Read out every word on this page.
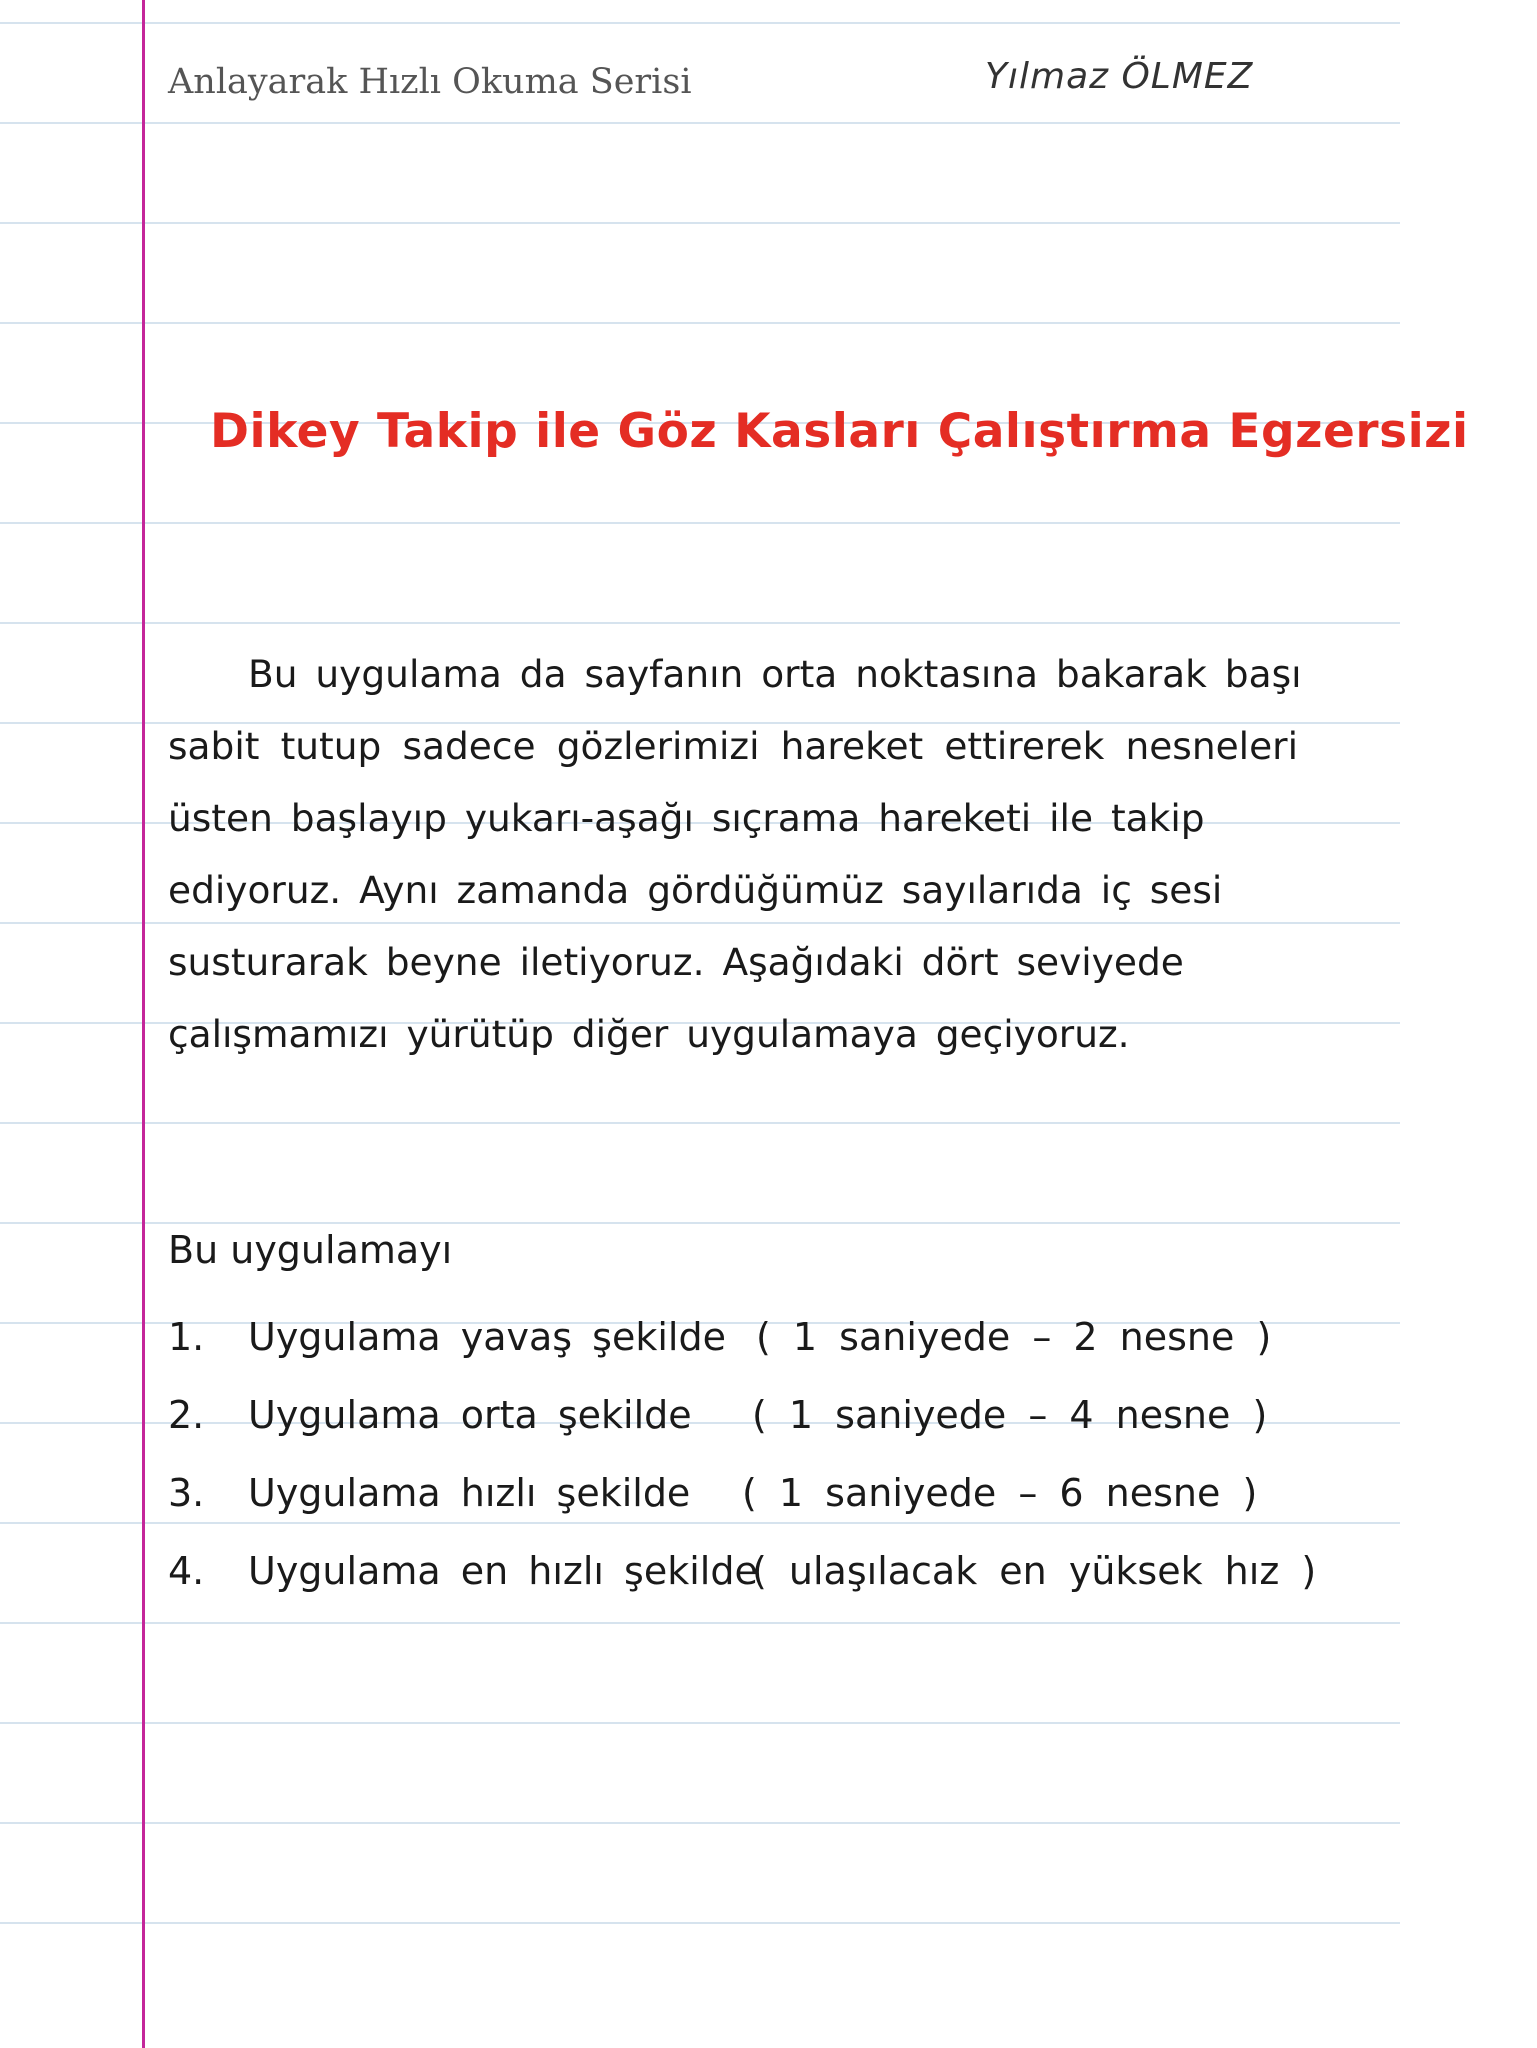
Anlayarak Hızlı Okuma Serisi	Yılmaz ÖLMEZ
Dikey Takip ile Göz Kasları Çalıştırma Egzersizi
Bu uygulama da sayfanın orta noktasına bakarak başı
sabit tutup sadece gözlerimizi hareket ettirerek nesneleri
üsten başlayıp yukarı-aşağı sıçrama hareketi ile takip
ediyoruz. Aynı zamanda gördüğümüz sayılarıda iç sesi
susturarak beyne iletiyoruz. Aşağıdaki dört seviyede
çalışmamızı yürütüp diğer uygulamaya geçiyoruz.
Bu uygulamayı
1. Uygulama yavaş şekilde ( 1 saniyede – 2 nesne )
2. Uygulama orta şekilde ( 1 saniyede – 4 nesne )
3. Uygulama hızlı şekilde ( 1 saniyede – 6 nesne )
4. Uygulama en hızlı şekilde
( ulaşılacak en yüksek hız )
